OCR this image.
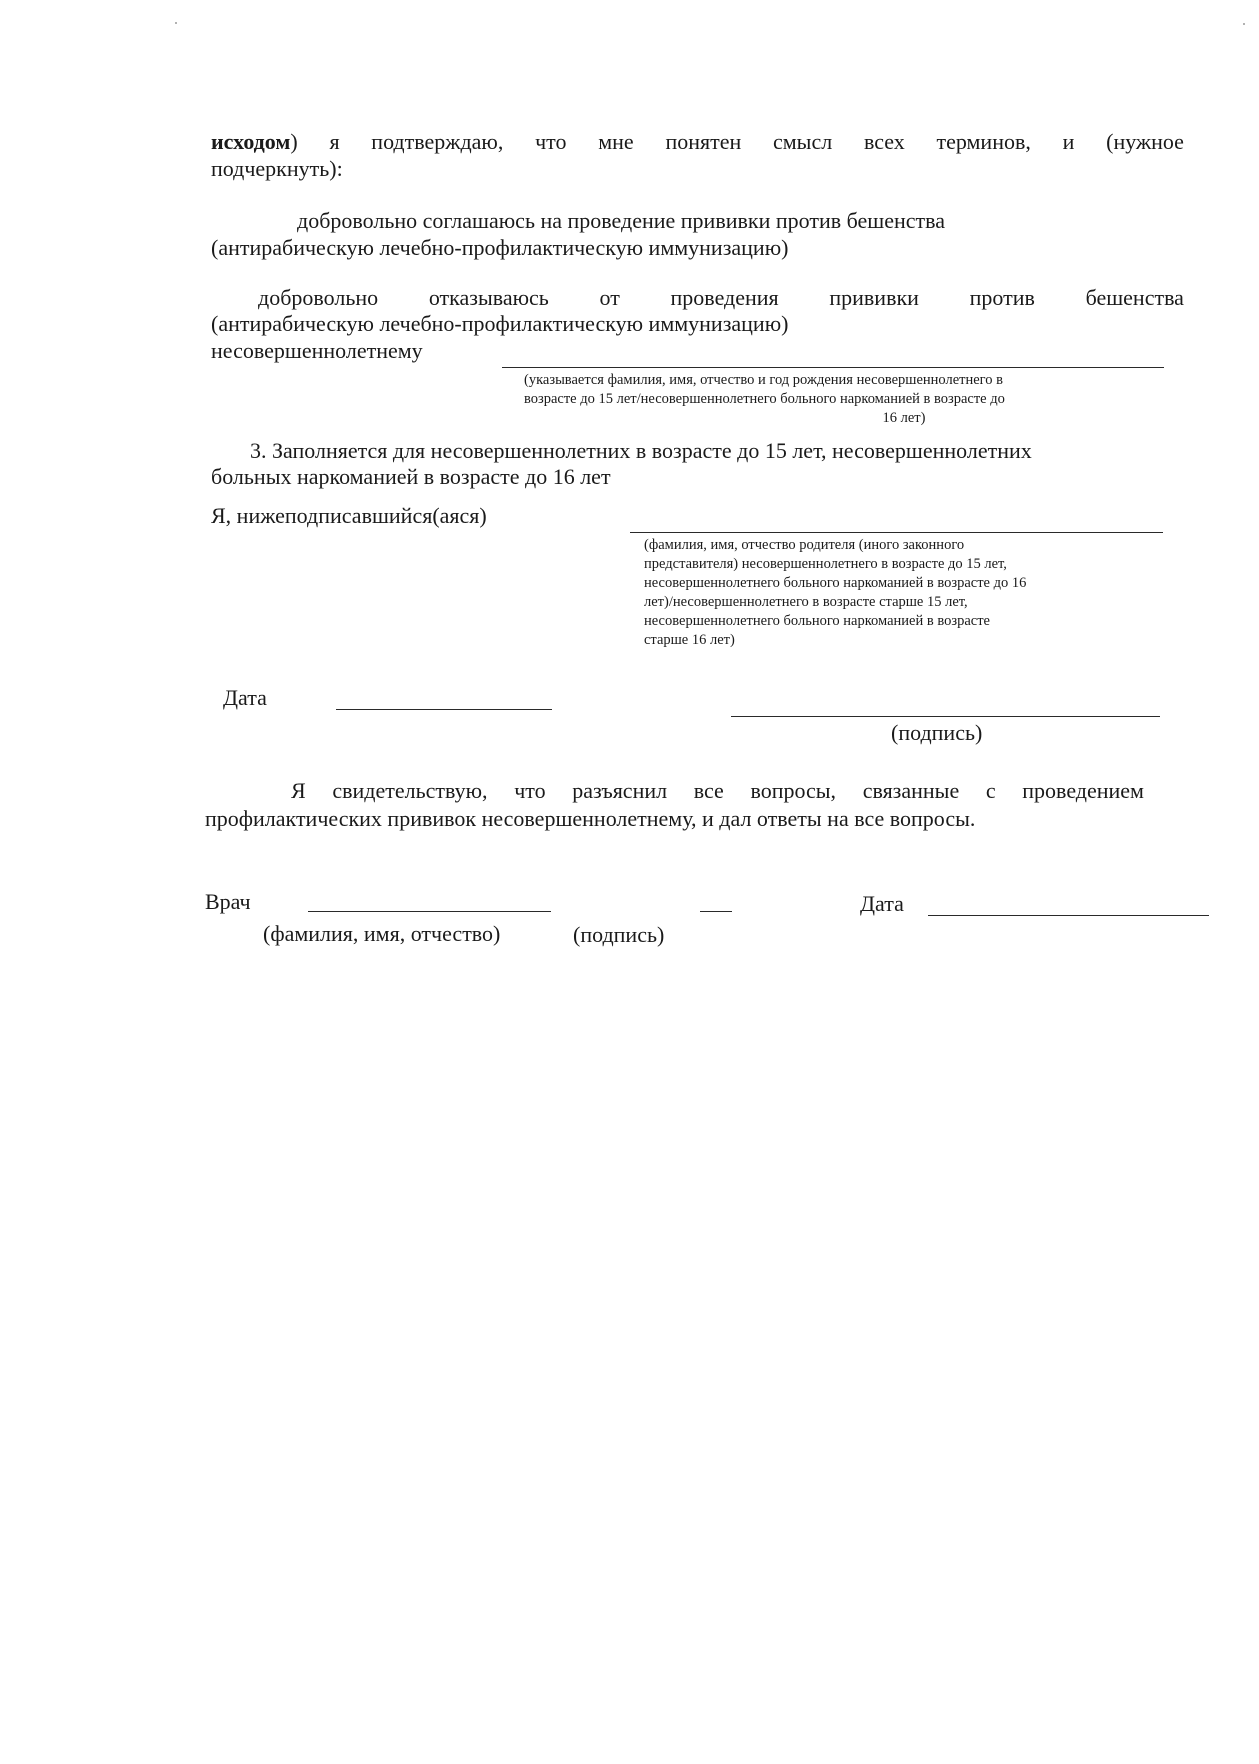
исходом) я подтверждаю, что мне понятен смысл всех терминов, и (нужное
подчеркнуть):
добровольно соглашаюсь на проведение прививки против бешенства
(антирабическую лечебно-профилактическую иммунизацию)
добровольно отказываюсь от проведения прививки против бешенства
(антирабическую лечебно-профилактическую иммунизацию)
несовершеннолетнему
(указывается фамилия, имя, отчество и год рождения несовершеннолетнего в
возрасте до 15 лет/несовершеннолетнего больного наркоманией в возрасте до
16 лет)
3. Заполняется для несовершеннолетних в возрасте до 15 лет, несовершеннолетних
больных наркоманией в возрасте до 16 лет
Я, нижеподписавшийся(аяся)
(фамилия, имя, отчество родителя (иного законного
представителя) несовершеннолетнего в возрасте до 15 лет,
несовершеннолетнего больного наркоманией в возрасте до 16
лет)/несовершеннолетнего в возрасте старше 15 лет,
несовершеннолетнего больного наркоманией в возрасте
старше 16 лет)
Дата
(подпись)
Я свидетельствую, что разъяснил все вопросы, связанные с проведением
профилактических прививок несовершеннолетнему, и дал ответы на все вопросы.
Врач	Дата
(фамилия, имя, отчество)	(подпись)
